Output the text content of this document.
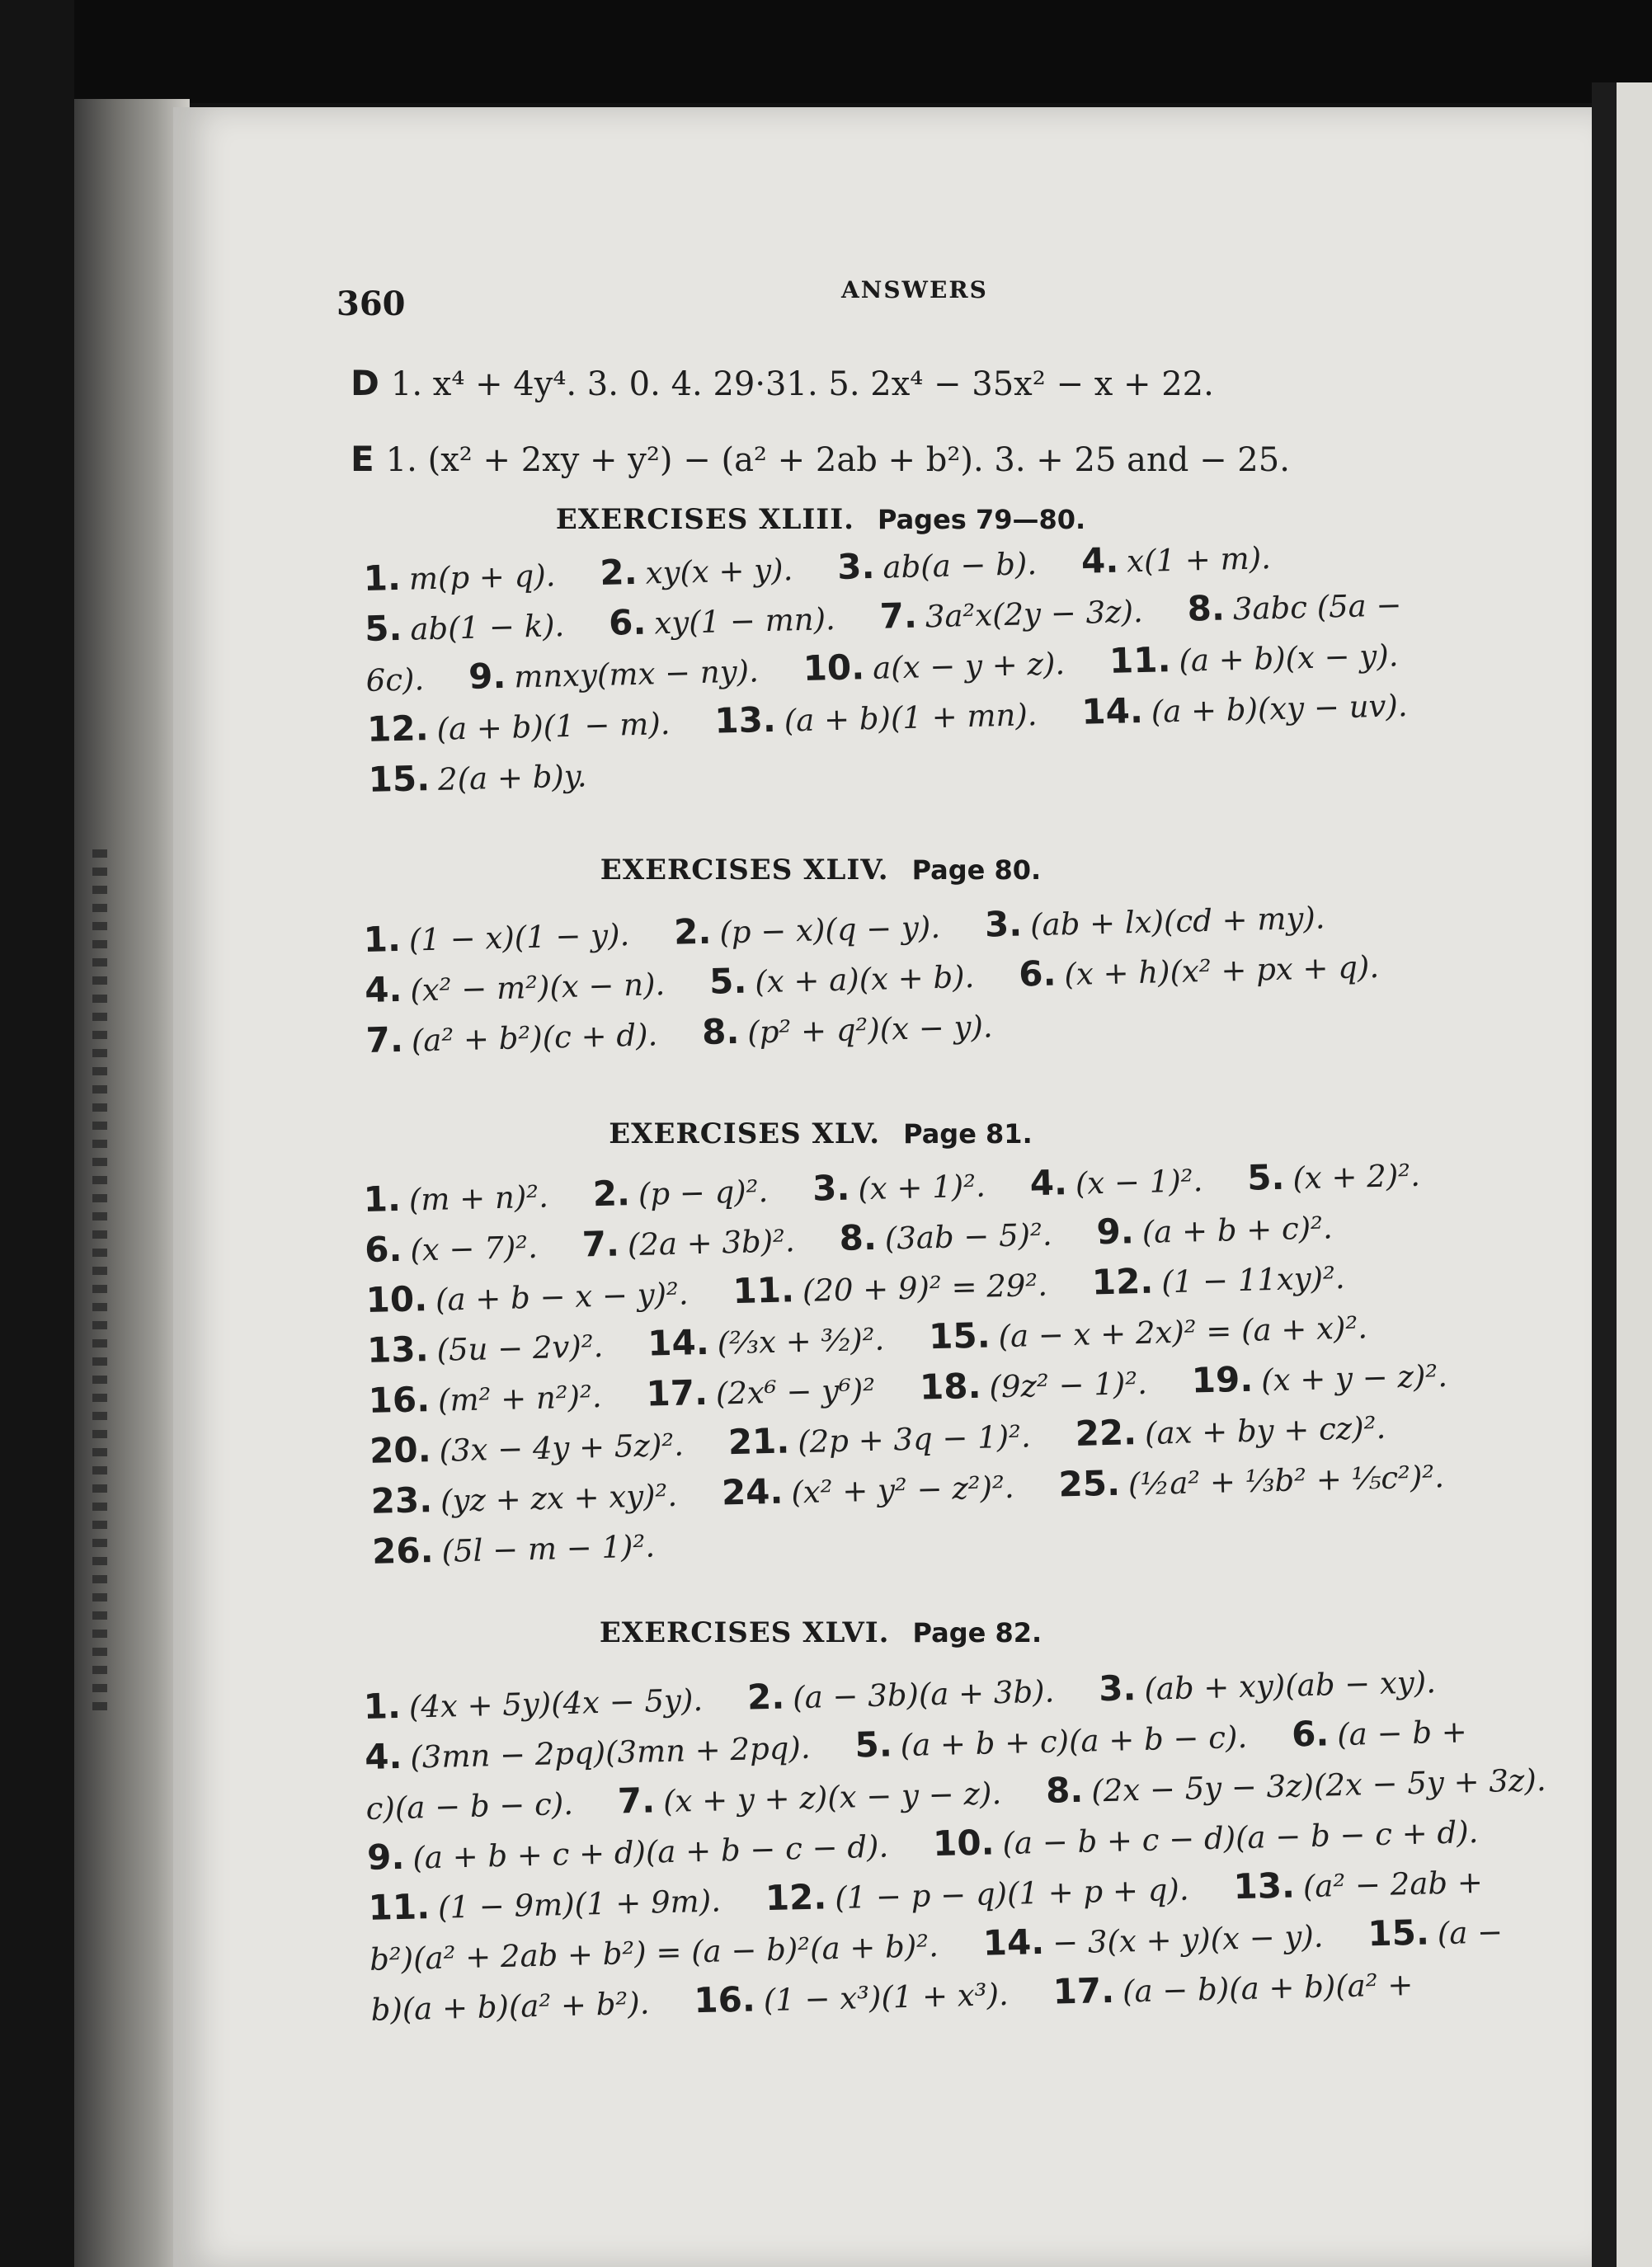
360	ANSWERS
D 1. x⁴ + 4y⁴. 3. 0. 4. 29·31. 5. 2x⁴ − 35x² − x + 22.
E 1. (x² + 2xy + y²) − (a² + 2ab + b²). 3. + 25 and − 25.
EXERCISES XLIII. Pages 79—80.
1. m(p + q). 2. xy(x + y). 3. ab(a − b). 4. x(1 + m).
5. ab(1 − k). 6. xy(1 − mn). 7. 3a²x(2y − 3z). 8. 3abc (5a −
6c). 9. mnxy(mx − ny). 10. a(x − y + z). 11. (a + b)(x − y).
12. (a + b)(1 − m). 13. (a + b)(1 + mn). 14. (a + b)(xy − uv).
15. 2(a + b)y.
EXERCISES XLIV. Page 80.
1. (1 − x)(1 − y). 2. (p − x)(q − y). 3. (ab + lx)(cd + my).
4. (x² − m²)(x − n). 5. (x + a)(x + b). 6. (x + h)(x² + px + q).
7. (a² + b²)(c + d). 8. (p² + q²)(x − y).
EXERCISES XLV. Page 81.
1. (m + n)². 2. (p − q)². 3. (x + 1)². 4. (x − 1)². 5. (x + 2)².
6. (x − 7)². 7. (2a + 3b)². 8. (3ab − 5)². 9. (a + b + c)².
10. (a + b − x − y)². 11. (20 + 9)² = 29². 12. (1 − 11xy)².
13. (5u − 2v)². 14. (⅔x + ³⁄₂)². 15. (a − x + 2x)² = (a + x)².
16. (m² + n²)². 17. (2x⁶ − y⁶)² 18. (9z² − 1)². 19. (x + y − z)².
20. (3x − 4y + 5z)². 21. (2p + 3q − 1)². 22. (ax + by + cz)².
23. (yz + zx + xy)². 24. (x² + y² − z²)². 25. (½a² + ⅓b² + ⅕c²)².
26. (5l − m − 1)².
EXERCISES XLVI. Page 82.
1. (4x + 5y)(4x − 5y). 2. (a − 3b)(a + 3b). 3. (ab + xy)(ab − xy).
4. (3mn − 2pq)(3mn + 2pq). 5. (a + b + c)(a + b − c). 6. (a − b +
c)(a − b − c). 7. (x + y + z)(x − y − z). 8. (2x − 5y − 3z)(2x − 5y + 3z).
9. (a + b + c + d)(a + b − c − d). 10. (a − b + c − d)(a − b − c + d).
11. (1 − 9m)(1 + 9m). 12. (1 − p − q)(1 + p + q). 13. (a² − 2ab +
b²)(a² + 2ab + b²) = (a − b)²(a + b)². 14. − 3(x + y)(x − y). 15. (a −
b)(a + b)(a² + b²). 16. (1 − x³)(1 + x³). 17. (a − b)(a + b)(a² +
